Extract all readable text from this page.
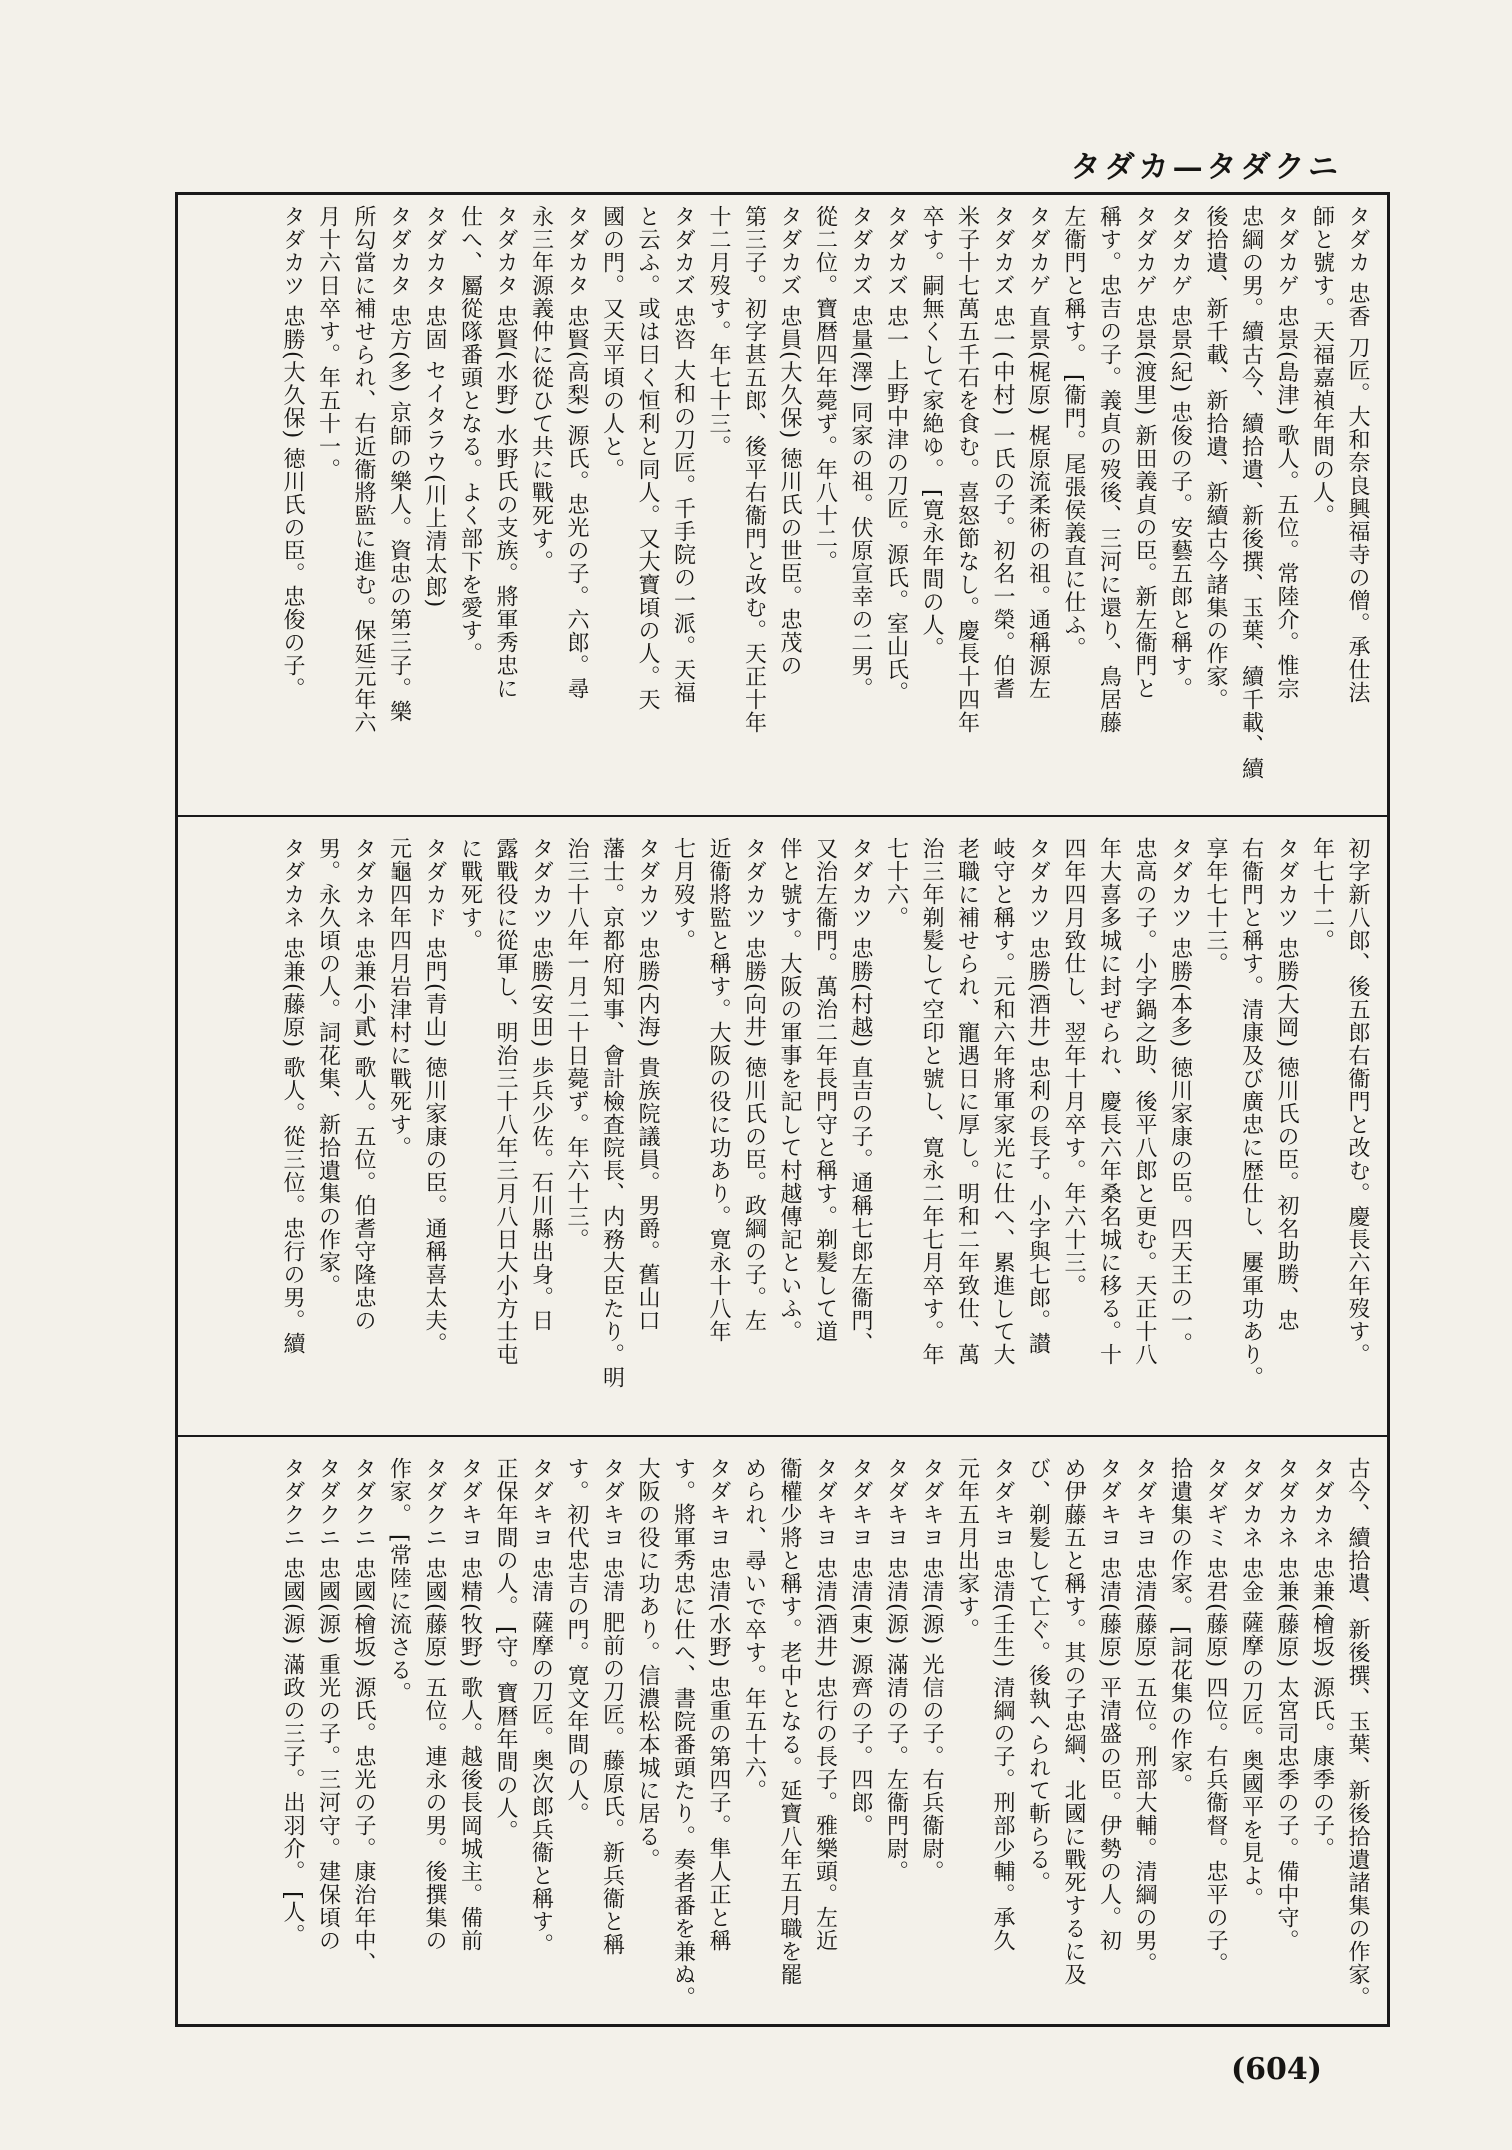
タダカ—タダクニ
タダカ 忠香 刀匠。大和奈良興福寺の僧。承仕法
師と號す。天福嘉禎年間の人。
タダカゲ 忠景(島津) 歌人。五位。常陸介。惟宗
忠綱の男。續古今、續拾遺、新後撰、玉葉、續千載、續
後拾遺、新千載、新拾遺、新續古今諸集の作家。
タダカゲ 忠景(紀) 忠俊の子。安藝五郎と稱す。
タダカゲ 忠景(渡里) 新田義貞の臣。新左衞門と
稱す。忠吉の子。義貞の歿後、三河に還り、鳥居藤
左衞門と稱す。 [衞門。尾張侯義直に仕ふ。
タダカゲ 直景(梶原) 梶原流柔術の祖。通稱源左
タダカズ 忠一(中村) 一氏の子。初名一榮。伯耆
米子十七萬五千石を食む。喜怒節なし。慶長十四年
卒す。嗣無くして家絶ゆ。 [寛永年間の人。
タダカズ 忠一 上野中津の刀匠。源氏。室山氏。
タダカズ 忠量(澤) 同家の祖。伏原宣幸の二男。
從二位。寶暦四年薨ず。年八十二。
タダカズ 忠員(大久保) 徳川氏の世臣。忠茂の
第三子。初字甚五郎、後平右衞門と改む。天正十年
十二月歿す。年七十三。
タダカズ 忠咨 大和の刀匠。千手院の一派。天福
と云ふ。或は曰く恒利と同人。又大寶頃の人。天
國の門。又天平頃の人と。
タダカタ 忠賢(高梨) 源氏。忠光の子。六郎。尋
永三年源義仲に從ひて共に戰死す。
タダカタ 忠賢(水野) 水野氏の支族。將軍秀忠に
仕へ、屬從隊番頭となる。よく部下を愛す。
タダカタ 忠固 セイタラウ(川上清太郎)
タダカタ 忠方(多) 京師の樂人。資忠の第三子。樂
所勾當に補せられ、右近衞將監に進む。保延元年六
月十六日卒す。年五十一。
タダカツ 忠勝(大久保) 徳川氏の臣。忠俊の子。
初字新八郎、後五郎右衞門と改む。慶長六年歿す。
年七十二。
タダカツ 忠勝(大岡) 徳川氏の臣。初名助勝、忠
右衞門と稱す。清康及び廣忠に歴仕し、屢軍功あり。
享年七十三。
タダカツ 忠勝(本多) 徳川家康の臣。四天王の一。
忠高の子。小字鍋之助、後平八郎と更む。天正十八
年大喜多城に封ぜられ、慶長六年桑名城に移る。十
四年四月致仕し、翌年十月卒す。年六十三。
タダカツ 忠勝(酒井) 忠利の長子。小字與七郎。讃
岐守と稱す。元和六年將軍家光に仕へ、累進して大
老職に補せられ、寵遇日に厚し。明和二年致仕、萬
治三年剃髪して空印と號し、寛永二年七月卒す。年
七十六。
タダカツ 忠勝(村越) 直吉の子。通稱七郎左衞門、
又治左衞門。萬治二年長門守と稱す。剃髪して道
伴と號す。大阪の軍事を記して村越傳記といふ。
タダカツ 忠勝(向井) 徳川氏の臣。政綱の子。左
近衞將監と稱す。大阪の役に功あり。寛永十八年
七月歿す。
タダカツ 忠勝(内海) 貴族院議員。男爵。舊山口
藩士。京都府知事、會計檢査院長、内務大臣たり。明
治三十八年一月二十日薨ず。年六十三。
タダカツ 忠勝(安田) 歩兵少佐。石川縣出身。日
露戰役に從軍し、明治三十八年三月八日大小方士屯
に戰死す。
タダカド 忠門(青山) 徳川家康の臣。通稱喜太夫。
元龜四年四月岩津村に戰死す。
タダカネ 忠兼(小貳) 歌人。五位。伯耆守隆忠の
男。永久頃の人。詞花集、新拾遺集の作家。
タダカネ 忠兼(藤原) 歌人。從三位。忠行の男。續
古今、續拾遺、新後撰、玉葉、新後拾遺諸集の作家。
タダカネ 忠兼(檜坂) 源氏。康季の子。
タダカネ 忠兼(藤原) 太宮司忠季の子。備中守。
タダカネ 忠金 薩摩の刀匠。奥國平を見よ。
タダギミ 忠君(藤原) 四位。右兵衞督。忠平の子。
拾遺集の作家。 [詞花集の作家。
タダキヨ 忠清(藤原) 五位。刑部大輔。清綱の男。
タダキヨ 忠清(藤原) 平清盛の臣。伊勢の人。初
め伊藤五と稱す。其の子忠綱、北國に戰死するに及
び、剃髪して亡ぐ。後執へられて斬らる。
タダキヨ 忠清(壬生) 清綱の子。刑部少輔。承久
元年五月出家す。
タダキヨ 忠清(源) 光信の子。右兵衞尉。
タダキヨ 忠清(源) 滿清の子。左衞門尉。
タダキヨ 忠清(東) 源齊の子。四郎。
タダキヨ 忠清(酒井) 忠行の長子。雅樂頭。左近
衞權少將と稱す。老中となる。延寶八年五月職を罷
められ、尋いで卒す。年五十六。
タダキヨ 忠清(水野) 忠重の第四子。隼人正と稱
す。將軍秀忠に仕へ、書院番頭たり。奏者番を兼ぬ。
大阪の役に功あり。信濃松本城に居る。
タダキヨ 忠清 肥前の刀匠。藤原氏。新兵衞と稱
す。初代忠吉の門。寛文年間の人。
タダキヨ 忠清 薩摩の刀匠。奥次郎兵衞と稱す。
正保年間の人。 [守。寶暦年間の人。
タダキヨ 忠精(牧野) 歌人。越後長岡城主。備前
タダクニ 忠國(藤原) 五位。連永の男。後撰集の
作家。 [常陸に流さる。
タダクニ 忠國(檜坂) 源氏。忠光の子。康治年中、
タダクニ 忠國(源) 重光の子。三河守。建保頃の
タダクニ 忠國(源) 滿政の三子。出羽介。 [人。
(604)
